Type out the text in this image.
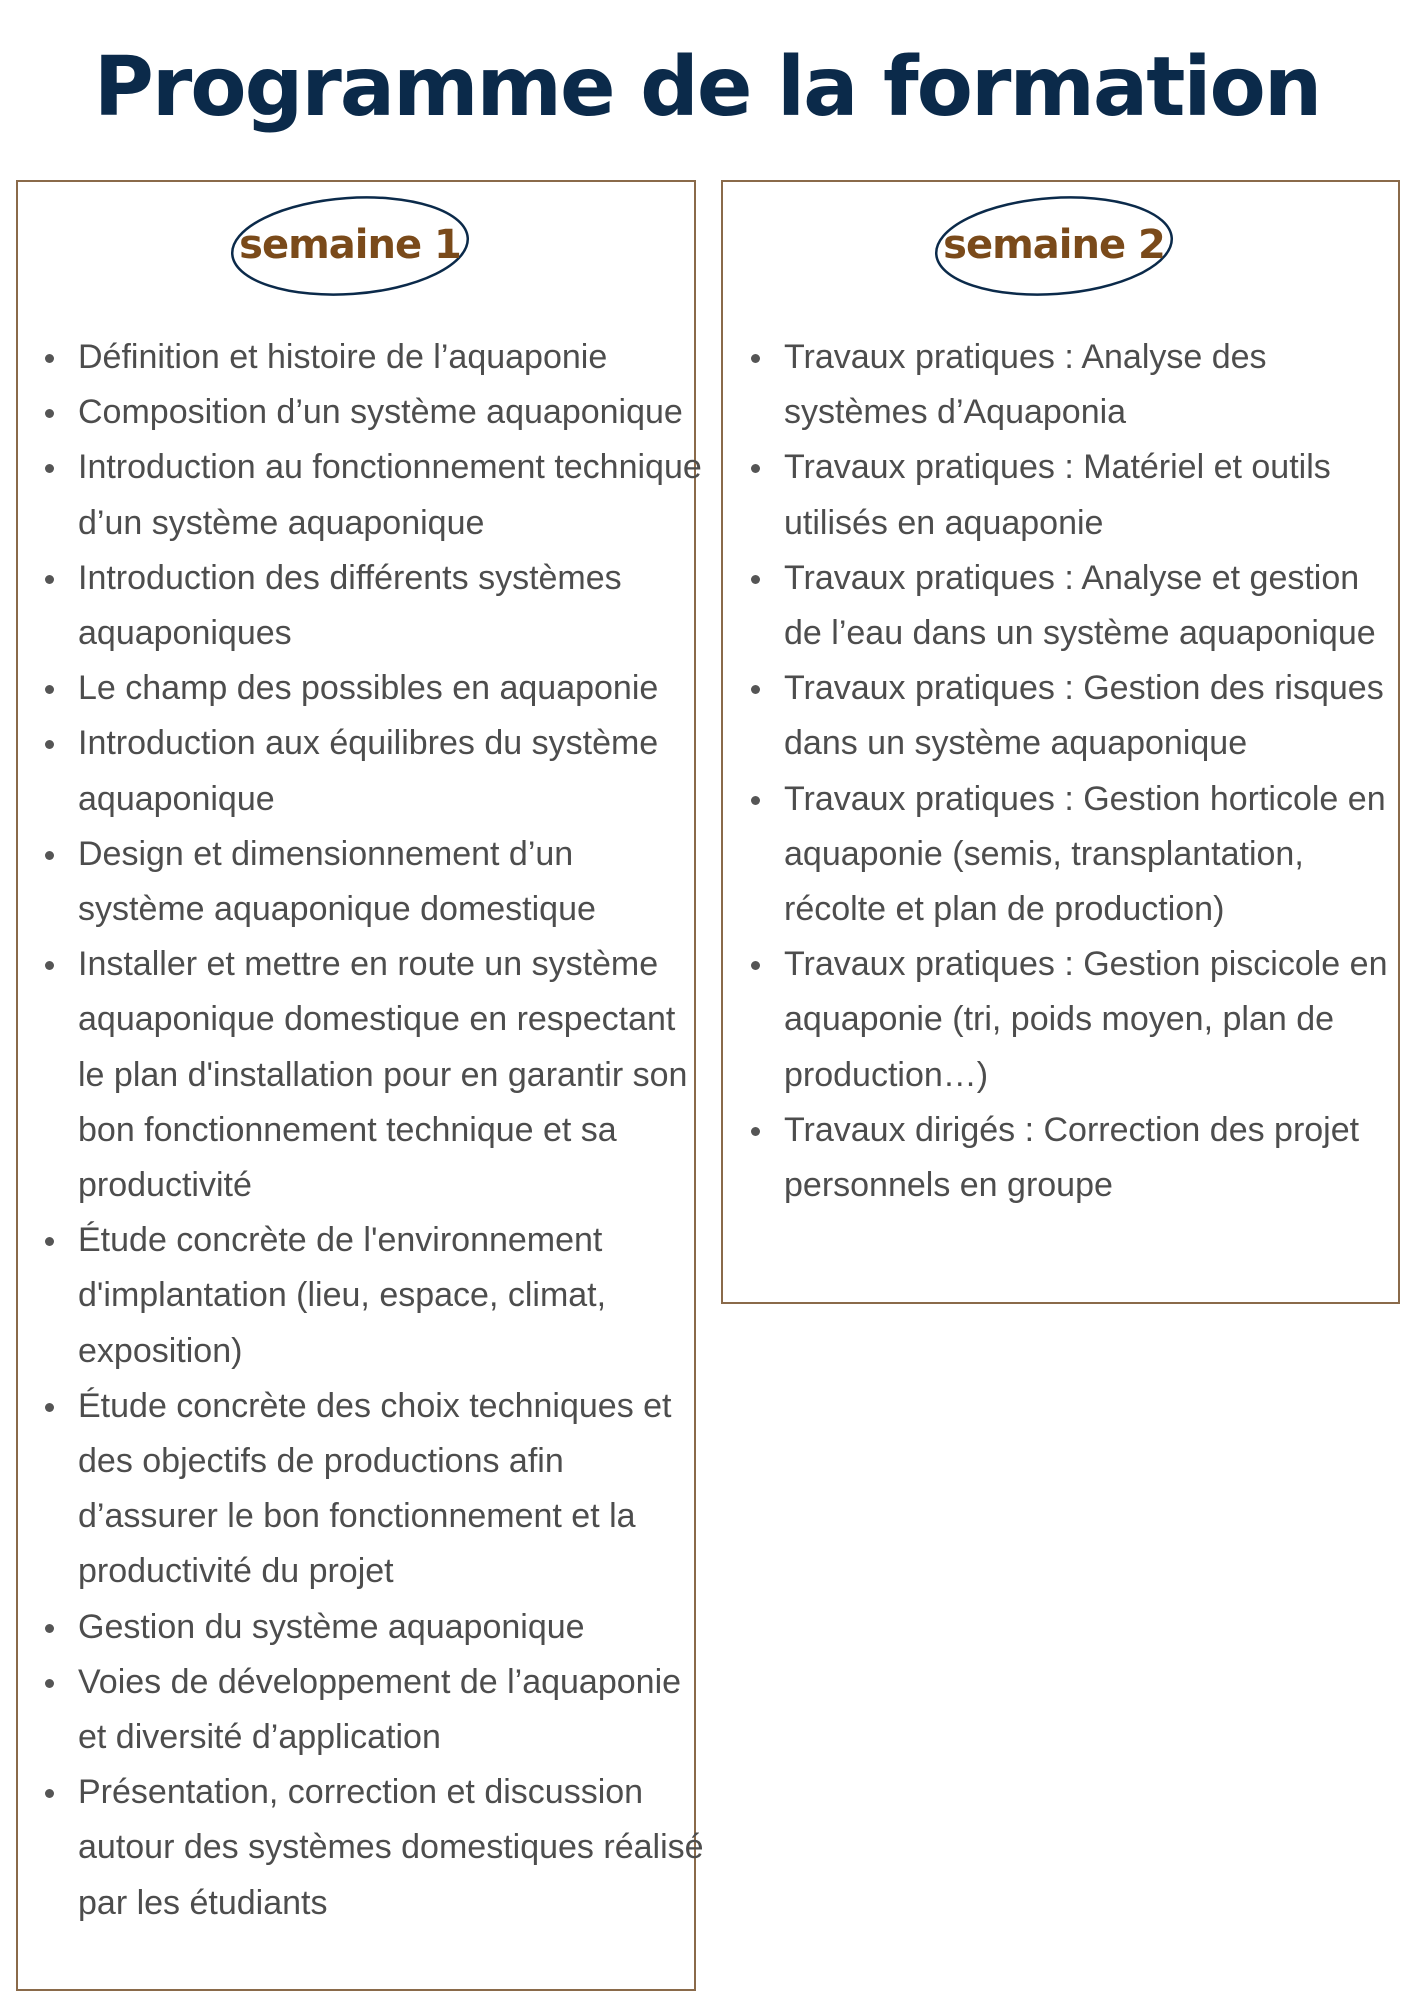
Programme de la formation
semaine 1
Définition et histoire de l’aquaponie
Composition d’un système aquaponique
Introduction au fonctionnement technique d’un système aquaponique
Introduction des différents systèmes aquaponiques
Le champ des possibles en aquaponie
Introduction aux équilibres du système aquaponique
Design et dimensionnement d’un système aquaponique domestique
Installer et mettre en route un système aquaponique domestique en respectant le plan d'installation pour en garantir son bon fonctionnement technique et sa productivité
Étude concrète de l'environnement d'implantation (lieu, espace, climat, exposition)
Étude concrète des choix techniques et des objectifs de productions afin d’assurer le bon fonctionnement et la productivité du projet
Gestion du système aquaponique
Voies de développement de l’aquaponie et diversité d’application
Présentation, correction et discussion autour des systèmes domestiques réalisé par les étudiants
semaine 2
Travaux pratiques : Analyse des systèmes d’Aquaponia
Travaux pratiques : Matériel et outils utilisés en aquaponie
Travaux pratiques : Analyse et gestion de l’eau dans un système aquaponique
Travaux pratiques : Gestion des risques dans un système aquaponique
Travaux pratiques : Gestion horticole en aquaponie (semis, transplantation, récolte et plan de production)
Travaux pratiques : Gestion piscicole en aquaponie (tri, poids moyen, plan de production…)
Travaux dirigés : Correction des projet personnels en groupe
